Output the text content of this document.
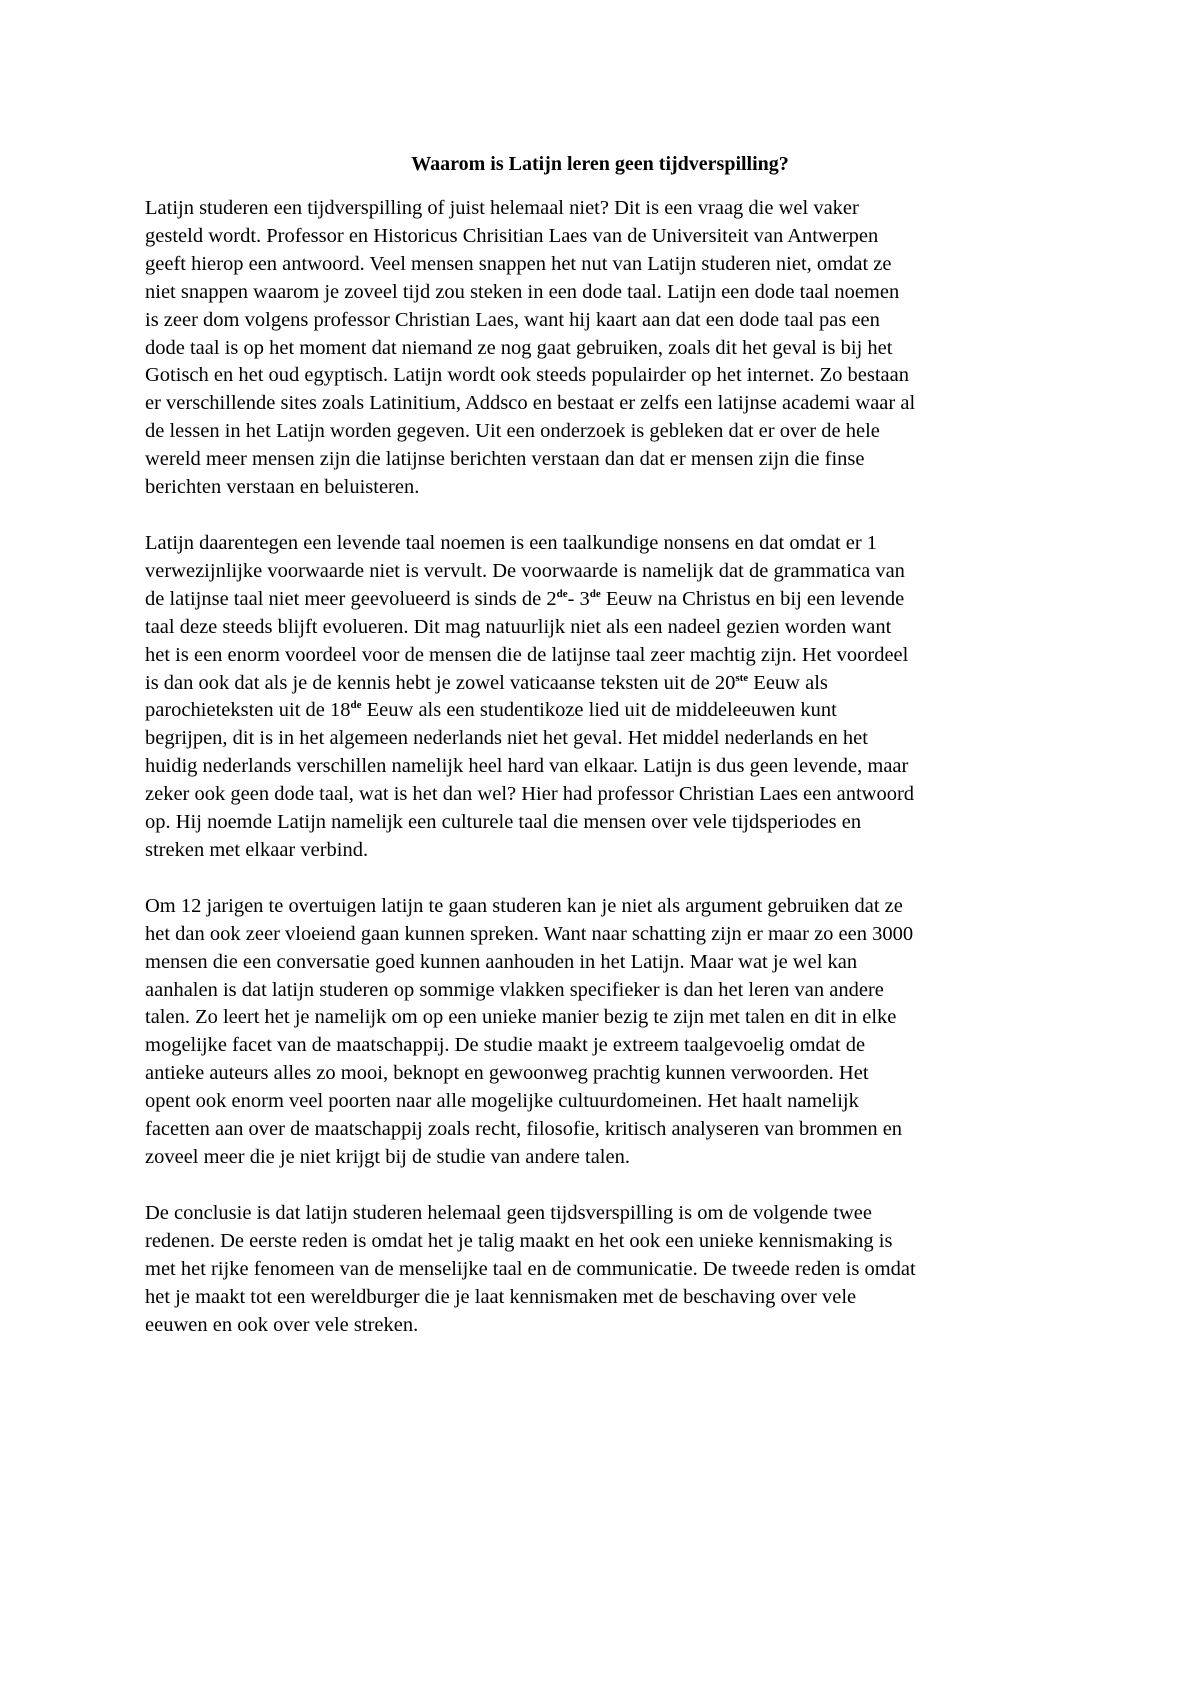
Waarom is Latijn leren geen tijdverspilling?
Latijn studeren een tijdverspilling of juist helemaal niet? Dit is een vraag die wel vaker
gesteld wordt. Professor en Historicus Chrisitian Laes van de Universiteit van Antwerpen
geeft hierop een antwoord. Veel mensen snappen het nut van Latijn studeren niet, omdat ze
niet snappen waarom je zoveel tijd zou steken in een dode taal. Latijn een dode taal noemen
is zeer dom volgens professor Christian Laes, want hij kaart aan dat een dode taal pas een
dode taal is op het moment dat niemand ze nog gaat gebruiken, zoals dit het geval is bij het
Gotisch en het oud egyptisch. Latijn wordt ook steeds populairder op het internet. Zo bestaan
er verschillende sites zoals Latinitium, Addsco en bestaat er zelfs een latijnse academi waar al
de lessen in het Latijn worden gegeven. Uit een onderzoek is gebleken dat er over de hele
wereld meer mensen zijn die latijnse berichten verstaan dan dat er mensen zijn die finse
berichten verstaan en beluisteren.
Latijn daarentegen een levende taal noemen is een taalkundige nonsens en dat omdat er 1
verwezijnlijke voorwaarde niet is vervult. De voorwaarde is namelijk dat de grammatica van
de latijnse taal niet meer geevolueerd is sinds de 2de- 3de Eeuw na Christus en bij een levende
taal deze steeds blijft evolueren. Dit mag natuurlijk niet als een nadeel gezien worden want
het is een enorm voordeel voor de mensen die de latijnse taal zeer machtig zijn. Het voordeel
is dan ook dat als je de kennis hebt je zowel vaticaanse teksten uit de 20ste Eeuw als
parochieteksten uit de 18de Eeuw als een studentikoze lied uit de middeleeuwen kunt
begrijpen, dit is in het algemeen nederlands niet het geval. Het middel nederlands en het
huidig nederlands verschillen namelijk heel hard van elkaar. Latijn is dus geen levende, maar
zeker ook geen dode taal, wat is het dan wel? Hier had professor Christian Laes een antwoord
op. Hij noemde Latijn namelijk een culturele taal die mensen over vele tijdsperiodes en
streken met elkaar verbind.
Om 12 jarigen te overtuigen latijn te gaan studeren kan je niet als argument gebruiken dat ze
het dan ook zeer vloeiend gaan kunnen spreken. Want naar schatting zijn er maar zo een 3000
mensen die een conversatie goed kunnen aanhouden in het Latijn. Maar wat je wel kan
aanhalen is dat latijn studeren op sommige vlakken specifieker is dan het leren van andere
talen. Zo leert het je namelijk om op een unieke manier bezig te zijn met talen en dit in elke
mogelijke facet van de maatschappij. De studie maakt je extreem taalgevoelig omdat de
antieke auteurs alles zo mooi, beknopt en gewoonweg prachtig kunnen verwoorden. Het
opent ook enorm veel poorten naar alle mogelijke cultuurdomeinen. Het haalt namelijk
facetten aan over de maatschappij zoals recht, filosofie, kritisch analyseren van brommen en
zoveel meer die je niet krijgt bij de studie van andere talen.
De conclusie is dat latijn studeren helemaal geen tijdsverspilling is om de volgende twee
redenen. De eerste reden is omdat het je talig maakt en het ook een unieke kennismaking is
met het rijke fenomeen van de menselijke taal en de communicatie. De tweede reden is omdat
het je maakt tot een wereldburger die je laat kennismaken met de beschaving over vele
eeuwen en ook over vele streken.
